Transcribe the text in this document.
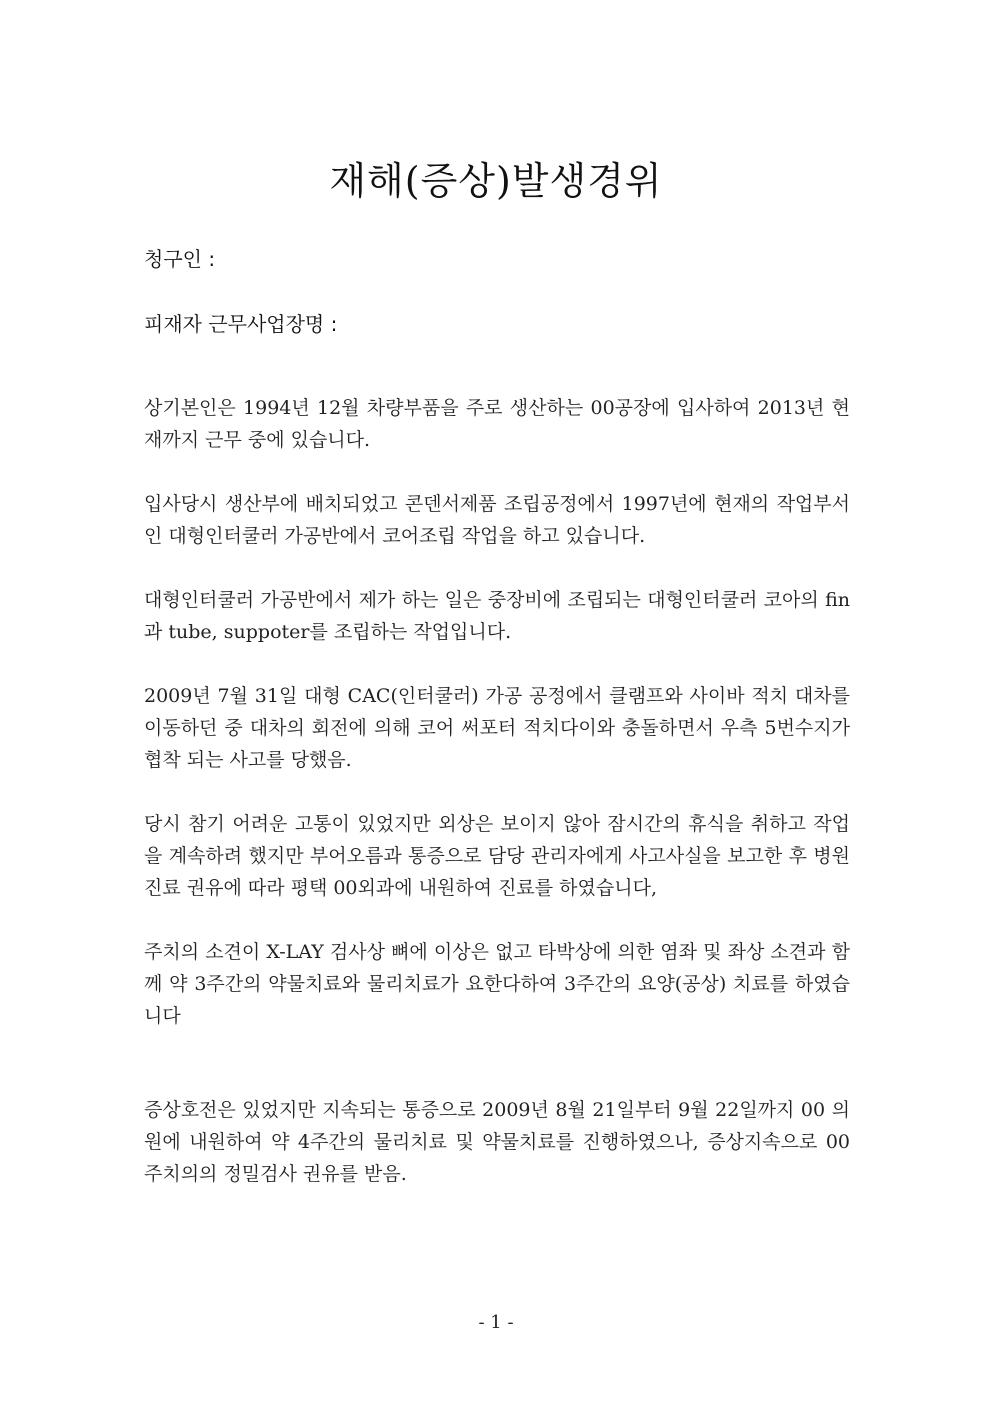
재해(증상)발생경위
청구인 :
피재자 근무사업장명 :

상기본인은 1994년 12월 차량부품을 주로 생산하는 00공장에 입사하여 2013년 현재까지 근무 중에 있습니다.

입사당시 생산부에 배치되었고 콘덴서제품 조립공정에서 1997년에 현재의 작업부서인 대형인터쿨러 가공반에서 코어조립 작업을 하고 있습니다.

대형인터쿨러 가공반에서 제가 하는 일은 중장비에 조립되는 대형인터쿨러 코아의 fin과 tube, suppoter를 조립하는 작업입니다.

2009년 7월 31일 대형 CAC(인터쿨러) 가공 공정에서 클램프와 사이바 적치 대차를 이동하던 중 대차의 회전에 의해 코어 써포터 적치다이와 충돌하면서 우측 5번수지가 협착 되는 사고를 당했음.

당시 참기 어려운 고통이 있었지만 외상은 보이지 않아 잠시간의 휴식을 취하고 작업을 계속하려 했지만 부어오름과 통증으로 담당 관리자에게 사고사실을 보고한 후 병원진료 권유에 따라 평택 00외과에 내원하여 진료를 하였습니다,

주치의 소견이 X-LAY 검사상 뼈에 이상은 없고 타박상에 의한 염좌 및 좌상 소견과 함께 약 3주간의 약물치료와 물리치료가 요한다하여 3주간의 요양(공상) 치료를 하였습니다

증상호전은 있었지만 지속되는 통증으로 2009년 8월 21일부터 9월 22일까지 00 의원에 내원하여 약 4주간의 물리치료 및 약물치료를 진행하였으나, 증상지속으로 00 주치의의 정밀검사 권유를 받음.

- 1 -
